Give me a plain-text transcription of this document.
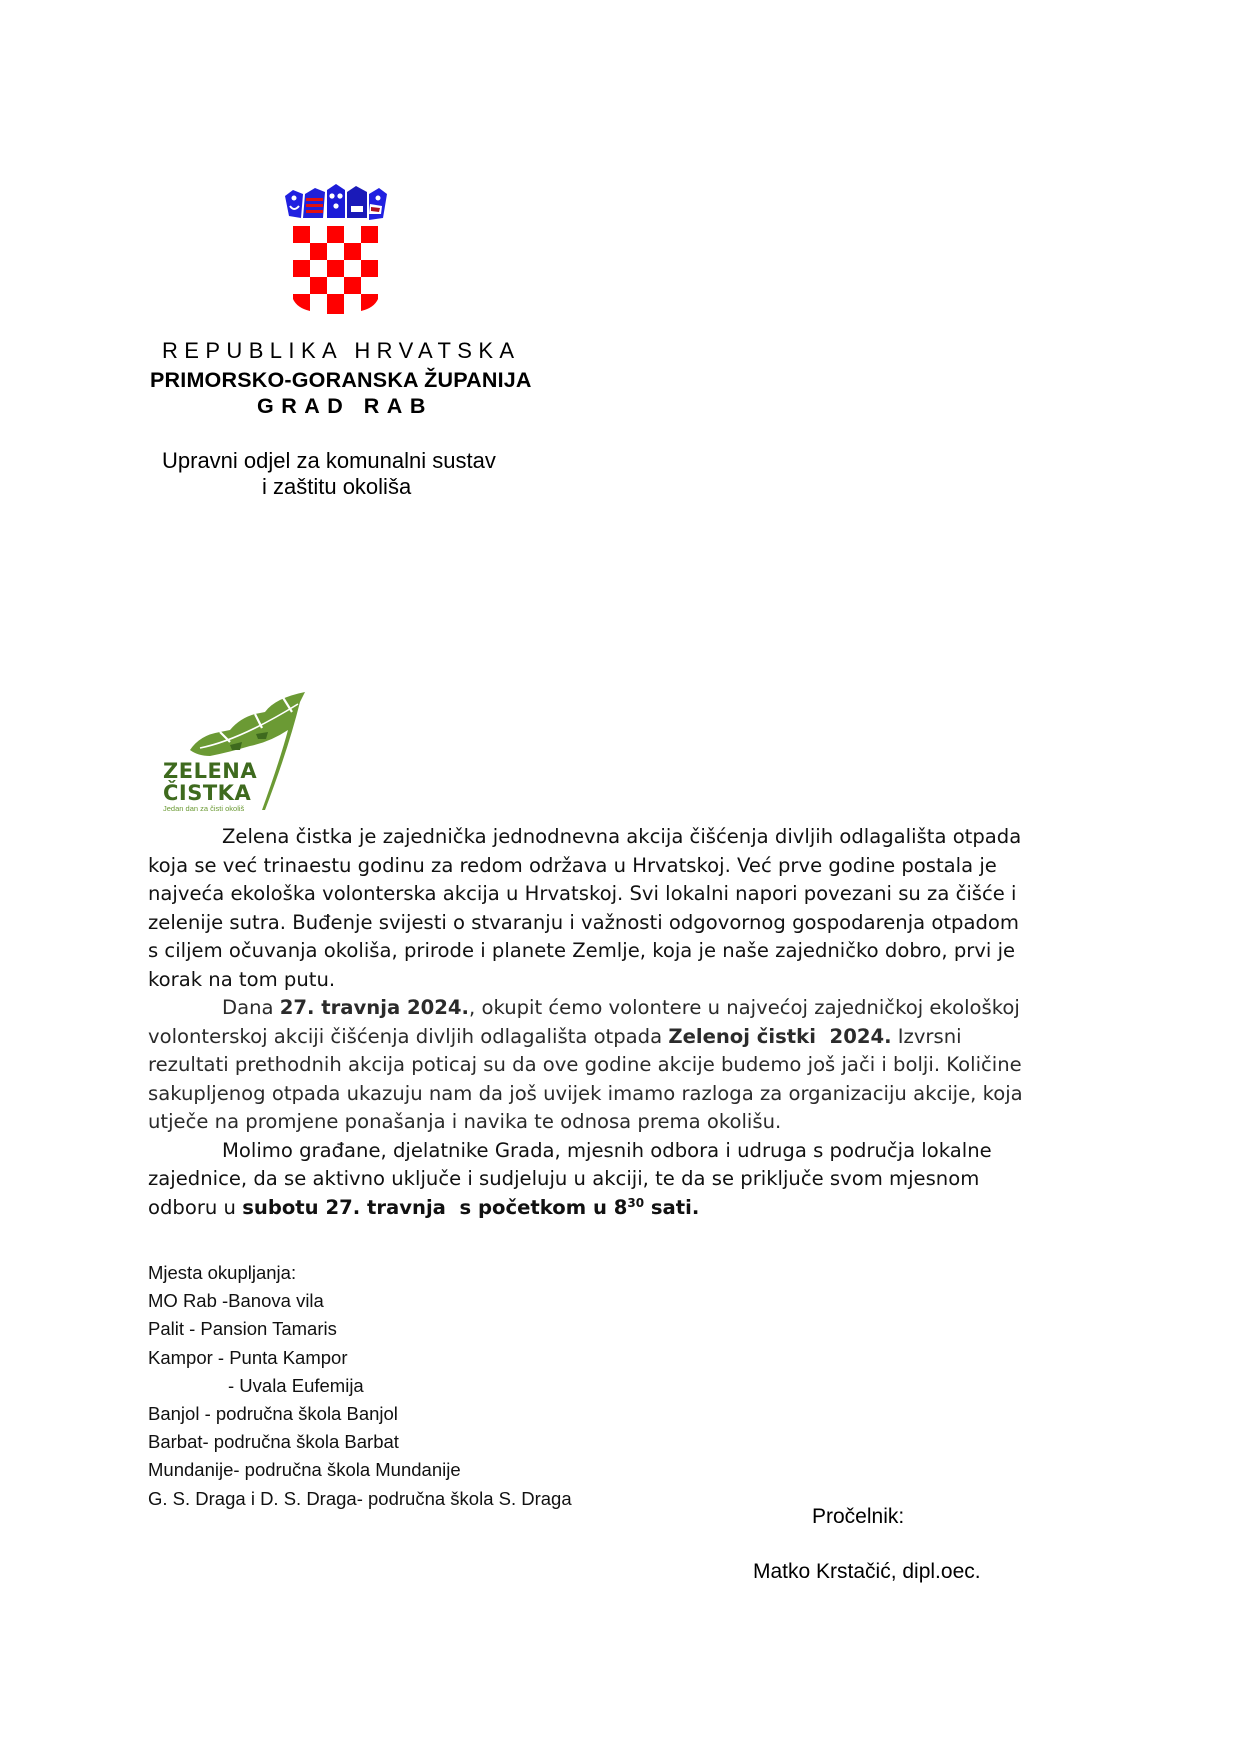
REPUBLIKA HRVATSKA
PRIMORSKO-GORANSKA ŽUPANIJA
GRAD RAB
Upravni odjel za komunalni sustav
i zaštitu okoliša
ZELENA
ČISTKA
Jedan dan za čisti okoliš
Zelena čistka je zajednička jednodnevna akcija čišćenja divljih odlagališta otpada
koja se već trinaestu godinu za redom održava u Hrvatskoj. Već prve godine postala je
najveća ekološka volonterska akcija u Hrvatskoj. Svi lokalni napori povezani su za čišće i
zelenije sutra. Buđenje svijesti o stvaranju i važnosti odgovornog gospodarenja otpadom
s ciljem očuvanja okoliša, prirode i planete Zemlje, koja je naše zajedničko dobro, prvi je
korak na tom putu.
Dana 27. travnja 2024., okupit ćemo volontere u najvećoj zajedničkoj ekološkoj
volonterskoj akciji čišćenja divljih odlagališta otpada Zelenoj čistki  2024. Izvrsni
rezultati prethodnih akcija poticaj su da ove godine akcije budemo još jači i bolji. Količine
sakupljenog otpada ukazuju nam da još uvijek imamo razloga za organizaciju akcije, koja
utječe na promjene ponašanja i navika te odnosa prema okolišu.
Molimo građane, djelatnike Grada, mjesnih odbora i udruga s područja lokalne
zajednice, da se aktivno uključe i sudjeluju u akciji, te da se priključe svom mjesnom
odboru u subotu 27. travnja  s početkom u $8^{30}$ sati.
Mjesta okupljanja:
MO Rab -Banova vila
Palit - Pansion Tamaris
Kampor - Punta Kampor
- Uvala Eufemija
Banjol - područna škola Banjol
Barbat- područna škola Barbat
Mundanije- područna škola Mundanije
G. S. Draga i D. S. Draga- područna škola S. Draga
Pročelnik:
Matko Krstačić, dipl.oec.
